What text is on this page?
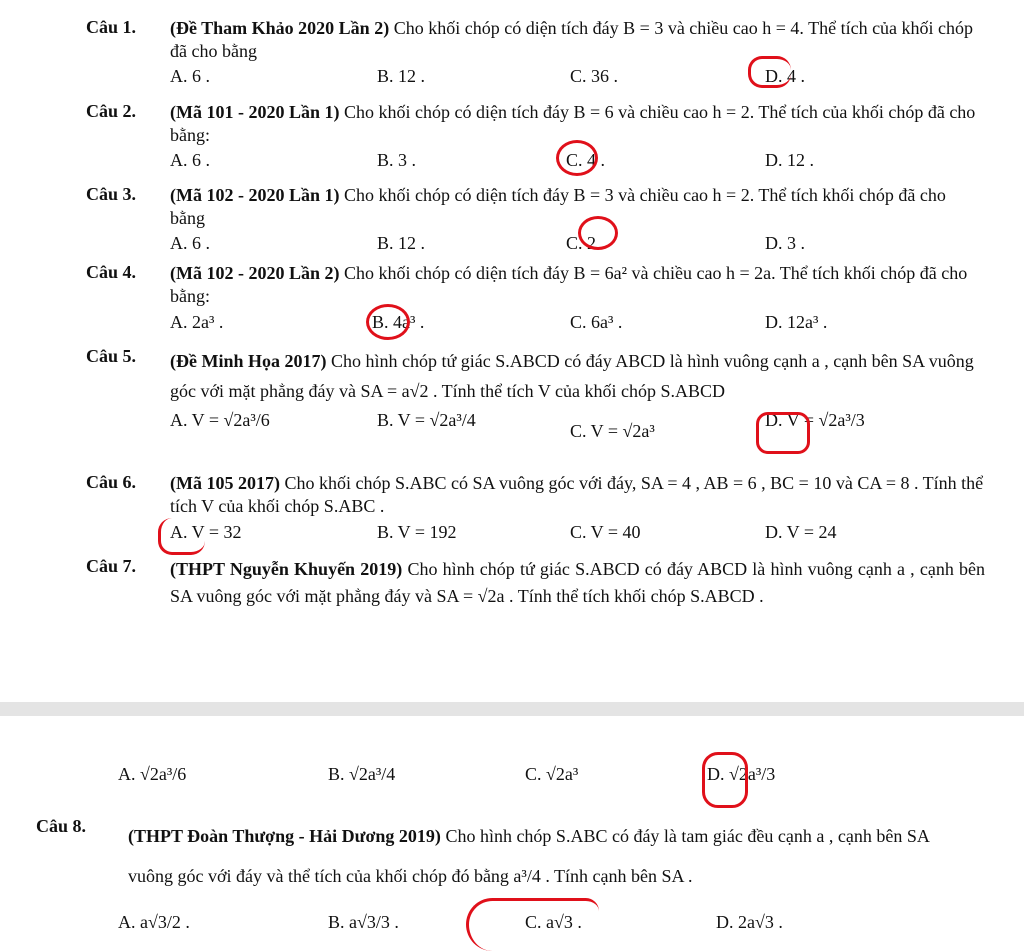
Câu 1. (Đề Tham Khảo 2020 Lần 2) Cho khối chóp có diện tích đáy B = 3 và chiều cao h = 4. Thể tích của khối chóp đã cho bằng
A. 6 .	B. 12 .	C. 36 .	D. 4 .
Câu 2. (Mã 101 - 2020 Lần 1) Cho khối chóp có diện tích đáy B = 6 và chiều cao h = 2. Thể tích của khối chóp đã cho bằng:
A. 6 .	B. 3 .	C. 4 .	D. 12 .
Câu 3. (Mã 102 - 2020 Lần 1) Cho khối chóp có diện tích đáy B = 3 và chiều cao h = 2. Thể tích khối chóp đã cho bằng
A. 6 .	B. 12 .	C. 2 .	D. 3 .
Câu 4. (Mã 102 - 2020 Lần 2) Cho khối chóp có diện tích đáy B = 6a² và chiều cao h = 2a. Thể tích khối chóp đã cho bằng:
A. 2a³ .	B. 4a³ .	C. 6a³ .	D. 12a³ .
Câu 5. (Đề Minh Họa 2017) Cho hình chóp tứ giác S.ABCD có đáy ABCD là hình vuông cạnh a , cạnh bên SA vuông góc với mặt phẳng đáy và SA = a√2 . Tính thể tích V của khối chóp S.ABCD
A. V = √2a³/6	B. V = √2a³/4
C. V = √2a³
D. V = √2a³/3
Câu 6. (Mã 105 2017) Cho khối chóp S.ABC có SA vuông góc với đáy, SA = 4 , AB = 6 , BC = 10 và CA = 8 . Tính thể tích V của khối chóp S.ABC .
A. V = 32	B. V = 192	C. V = 40	D. V = 24
Câu 7. (THPT Nguyễn Khuyến 2019) Cho hình chóp tứ giác S.ABCD có đáy ABCD là hình vuông cạnh a , cạnh bên SA vuông góc với mặt phẳng đáy và SA = √2a . Tính thể tích khối chóp S.ABCD .
A. √2a³/6	B. √2a³/4	C. √2a³	D. √2a³/3
Câu 8. (THPT Đoàn Thượng - Hải Dương 2019) Cho hình chóp S.ABC có đáy là tam giác đều cạnh a , cạnh bên SA vuông góc với đáy và thể tích của khối chóp đó bằng a³/4 . Tính cạnh bên SA .
A. a√3/2 .	B. a√3/3 .	C. a√3 .	D. 2a√3 .
